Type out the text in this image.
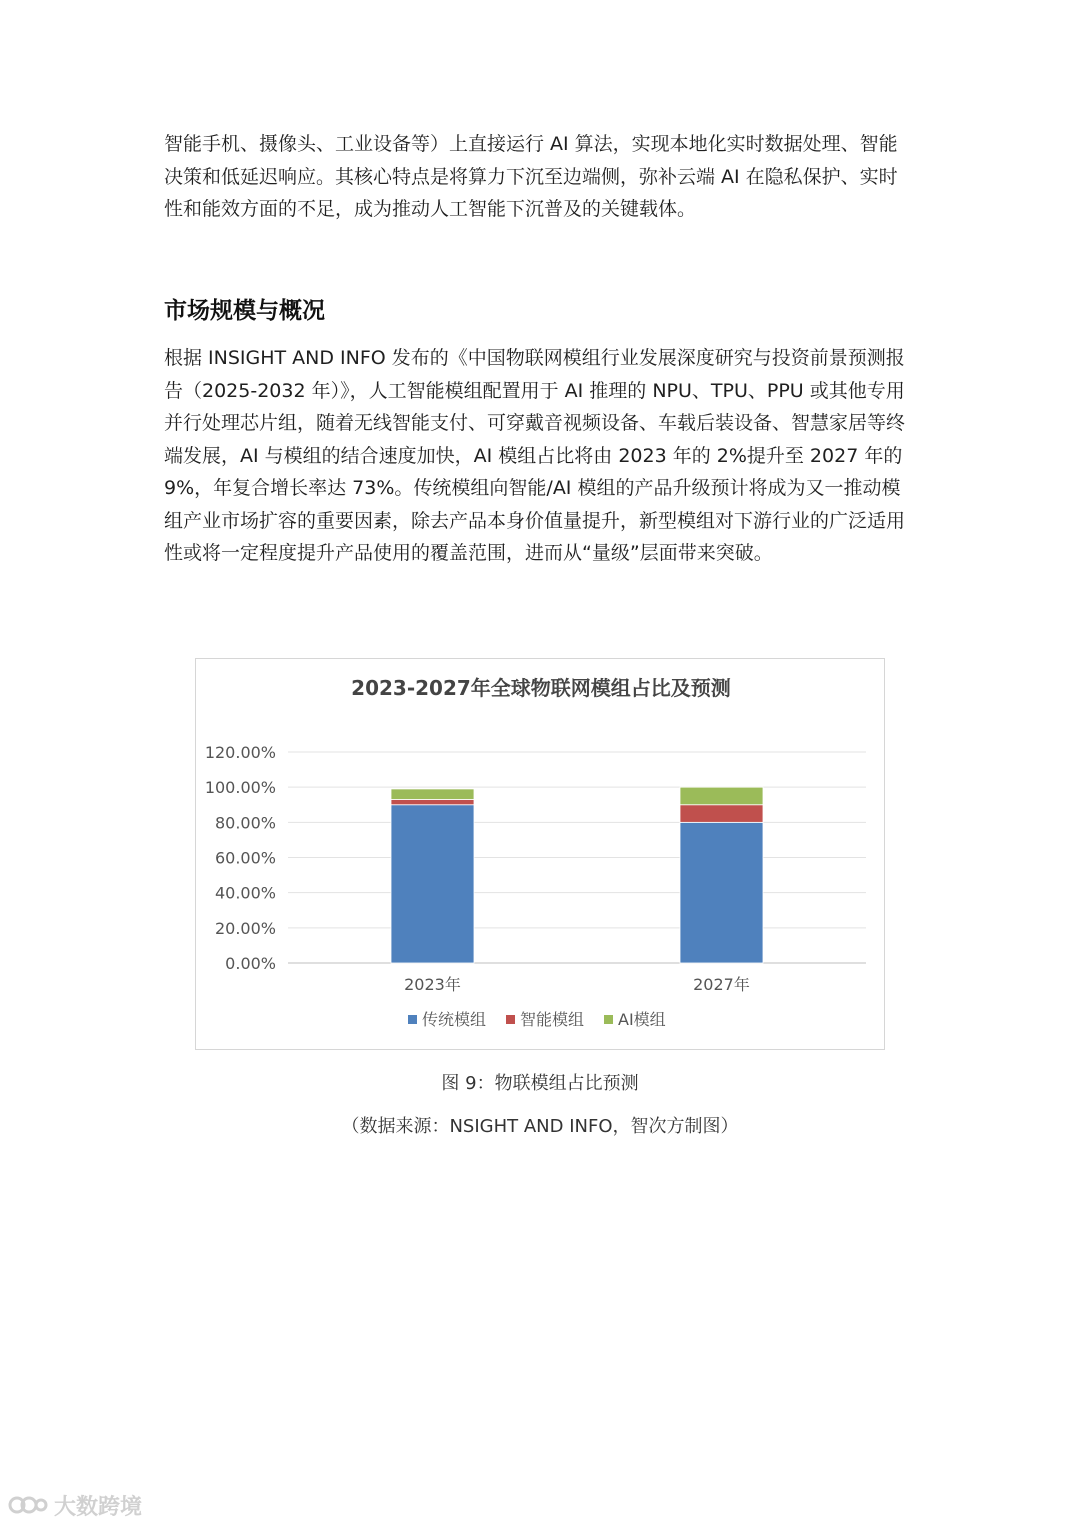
智能手机、摄像头、工业设备等）上直接运行 AI 算法，实现本地化实时数据处理、智能决策和低延迟响应。其核心特点是将算力下沉至边端侧，弥补云端 AI 在隐私保护、实时性和能效方面的不足，成为推动人工智能下沉普及的关键载体。

市场规模与概况

根据 INSIGHT AND INFO 发布的《中国物联网模组行业发展深度研究与投资前景预测报告（2025-2032 年）》，人工智能模组配置用于 AI 推理的 NPU、TPU、PPU 或其他专用并行处理芯片组，随着无线智能支付、可穿戴音视频设备、车载后装设备、智慧家居等终端发展，AI 与模组的结合速度加快，AI 模组占比将由 2023 年的 2%提升至 2027 年的 9%，年复合增长率达 73%。传统模组向智能/AI 模组的产品升级预计将成为又一推动模组产业市场扩容的重要因素，除去产品本身价值量提升，新型模组对下游行业的广泛适用性或将一定程度提升产品使用的覆盖范围，进而从“量级”层面带来突破。

2023-2027年全球物联网模组占比及预测
0.00%
20.00%
40.00%
60.00%
80.00%
100.00%
120.00%
2023年	2027年
传统模组 智能模组 AI模组

图 9：物联模组占比预测

（数据来源：NSIGHT AND INFO，智次方制图）

大数跨境
